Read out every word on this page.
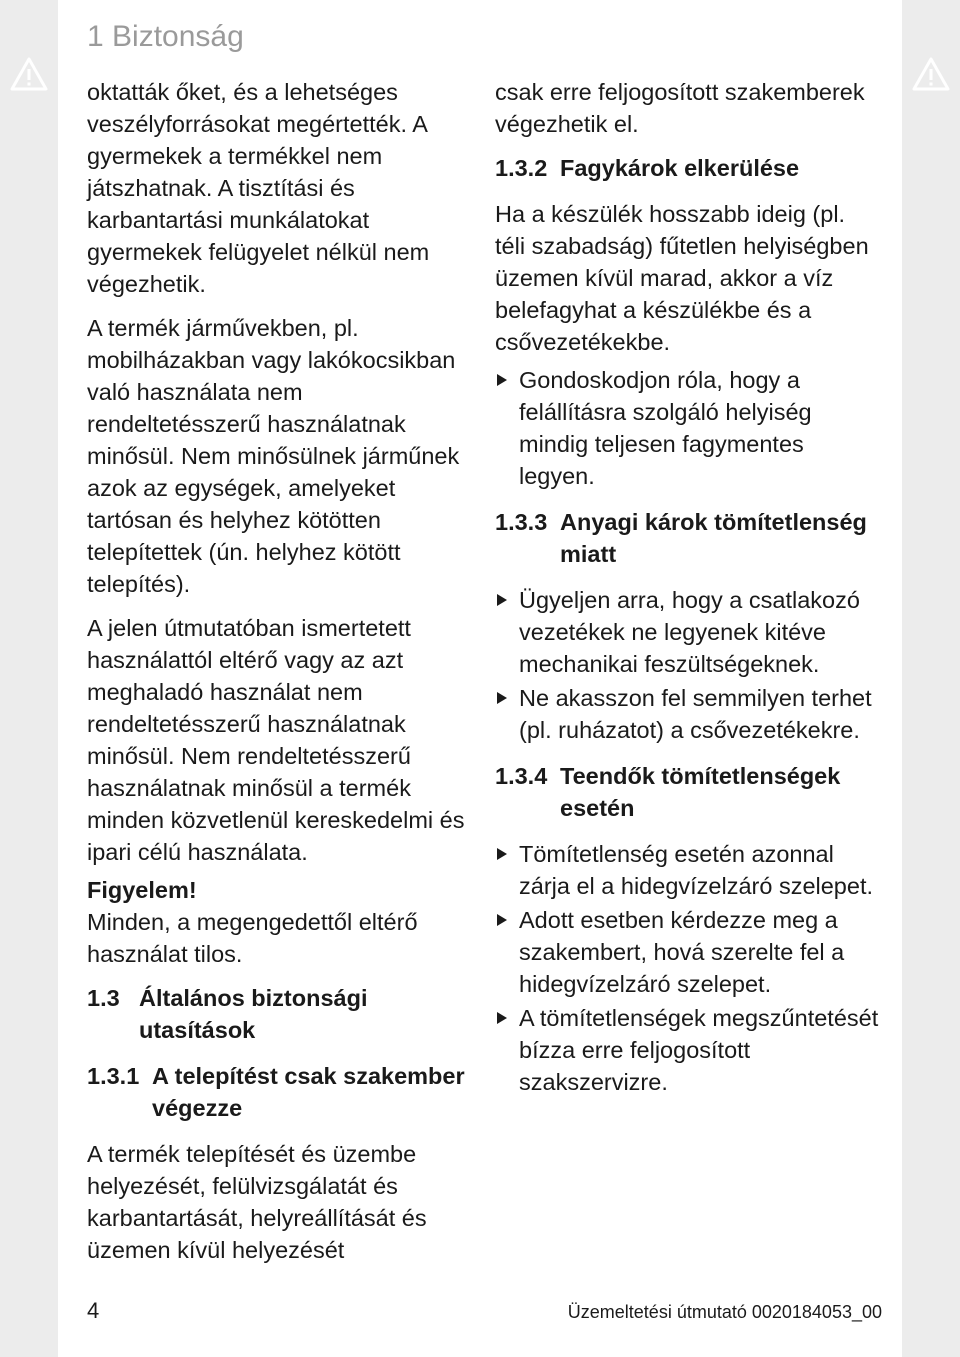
1 Biztonság

oktatták őket, és a lehetséges veszélyforrásokat megértették. A gyermekek a termékkel nem játszhatnak. A tisztítási és karbantartási munkálatokat gyermekek felügyelet nélkül nem végezhetik.

A termék járművekben, pl. mobilházakban vagy lakókocsikban való használata nem rendeltetésszerű használatnak minősül. Nem minősülnek járműnek azok az egységek, amelyeket tartósan és helyhez kötötten telepítettek (ún. helyhez kötött telepítés).

A jelen útmutatóban ismertetett használattól eltérő vagy az azt meghaladó használat nem rendeltetésszerű használatnak minősül. Nem rendeltetésszerű használatnak minősül a termék minden közvetlenül kereskedelmi és ipari célú használata.

Figyelem!

Minden, a megengedettől eltérő használat tilos.

1.3 Általános biztonsági utasítások
1.3.1 A telepítést csak szakember végezze

A termék telepítését és üzembe helyezését, felülvizsgálatát és karbantartását, helyreállítását és üzemen kívül helyezését

csak erre feljogosított szakemberek végezhetik el.

1.3.2 Fagykárok elkerülése

Ha a készülék hosszabb ideig (pl. téli szabadság) fűtetlen helyiségben üzemen kívül marad, akkor a víz belefagyhat a készülékbe és a csővezetékekbe.

Gondoskodjon róla, hogy a felállításra szolgáló helyiség mindig teljesen fagymentes legyen.
1.3.3 Anyagi károk tömítetlenség miatt
Ügyeljen arra, hogy a csatlakozó vezetékek ne legyenek kitéve mechanikai feszültségeknek.
Ne akasszon fel semmilyen terhet (pl. ruházatot) a csővezetékekre.
1.3.4 Teendők tömítetlenségek esetén
Tömítetlenség esetén azonnal zárja el a hidegvízelzáró szelepet.
Adott esetben kérdezze meg a szakembert, hová szerelte fel a hidegvízelzáró szelepet.
A tömítetlenségek megszűntetését bízza erre feljogosított szakszervizre.
4	Üzemeltetési útmutató 0020184053_00
